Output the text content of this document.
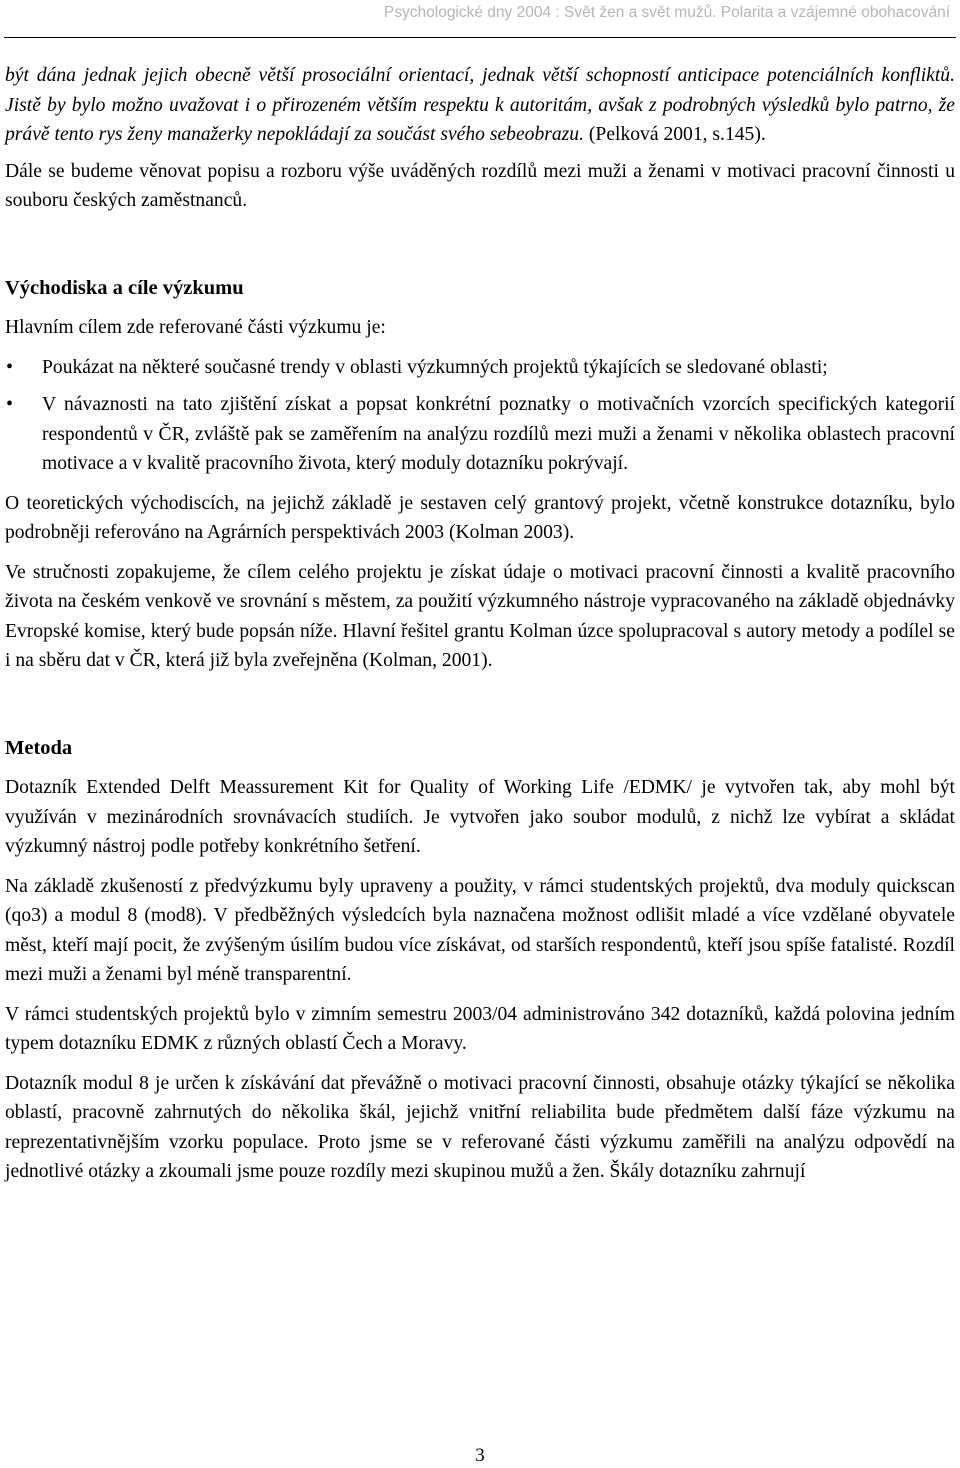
Psychologické dny 2004 : Svět žen a svět mužů. Polarita a vzájemné obohacování

být dána jednak jejich obecně větší prosociální orientací, jednak větší schopností anticipace potenciálních konfliktů. Jistě by bylo možno uvažovat i o přirozeném větším respektu k autoritám, avšak z podrobných výsledků bylo patrno, že právě tento rys ženy manažerky nepokládají za součást svého sebeobrazu. (Pelková 2001, s.145).

Dále se budeme věnovat popisu a rozboru výše uváděných rozdílů mezi muži a ženami v motivaci pracovní činnosti u souboru českých zaměstnanců.

Východiska a cíle výzkumu

Hlavním cílem zde referované části výzkumu je:

• Poukázat na některé současné trendy v oblasti výzkumných projektů týkajících se sledované oblasti;
• V návaznosti na tato zjištění získat a popsat konkrétní poznatky o motivačních vzorcích specifických kategorií respondentů v ČR, zvláště pak se zaměřením na analýzu rozdílů mezi muži a ženami v několika oblastech pracovní motivace a v kvalitě pracovního života, který moduly dotazníku pokrývají.

O teoretických východiscích, na jejichž základě je sestaven celý grantový projekt, včetně konstrukce dotazníku, bylo podrobněji referováno na Agrárních perspektivách 2003 (Kolman 2003).

Ve stručnosti zopakujeme, že cílem celého projektu je získat údaje o motivaci pracovní činnosti a kvalitě pracovního života na českém venkově ve srovnání s městem, za použití výzkumného nástroje vypracovaného na základě objednávky Evropské komise, který bude popsán níže. Hlavní řešitel grantu Kolman úzce spolupracoval s autory metody a podílel se i na sběru dat v ČR, která již byla zveřejněna (Kolman, 2001).

Metoda

Dotazník Extended Delft Meassurement Kit for Quality of Working Life /EDMK/ je vytvořen tak, aby mohl být využíván v mezinárodních srovnávacích studiích. Je vytvořen jako soubor modulů, z nichž lze vybírat a skládat výzkumný nástroj podle potřeby konkrétního šetření.

Na základě zkušeností z předvýzkumu byly upraveny a použity, v rámci studentských projektů, dva moduly quickscan (qo3) a modul 8 (mod8). V předběžných výsledcích byla naznačena možnost odlišit mladé a více vzdělané obyvatele měst, kteří mají pocit, že zvýšeným úsilím budou více získávat, od starších respondentů, kteří jsou spíše fatalisté. Rozdíl mezi muži a ženami byl méně transparentní.

V rámci studentských projektů bylo v zimním semestru 2003/04 administrováno 342 dotazníků, každá polovina jedním typem dotazníku EDMK z různých oblastí Čech a Moravy.

Dotazník modul 8 je určen k získávání dat převážně o motivaci pracovní činnosti, obsahuje otázky týkající se několika oblastí, pracovně zahrnutých do několika škál, jejichž vnitřní reliabilita bude předmětem další fáze výzkumu na reprezentativnějším vzorku populace. Proto jsme se v referované části výzkumu zaměřili na analýzu odpovědí na jednotlivé otázky a zkoumali jsme pouze rozdíly mezi skupinou mužů a žen. Škály dotazníku zahrnují

3
